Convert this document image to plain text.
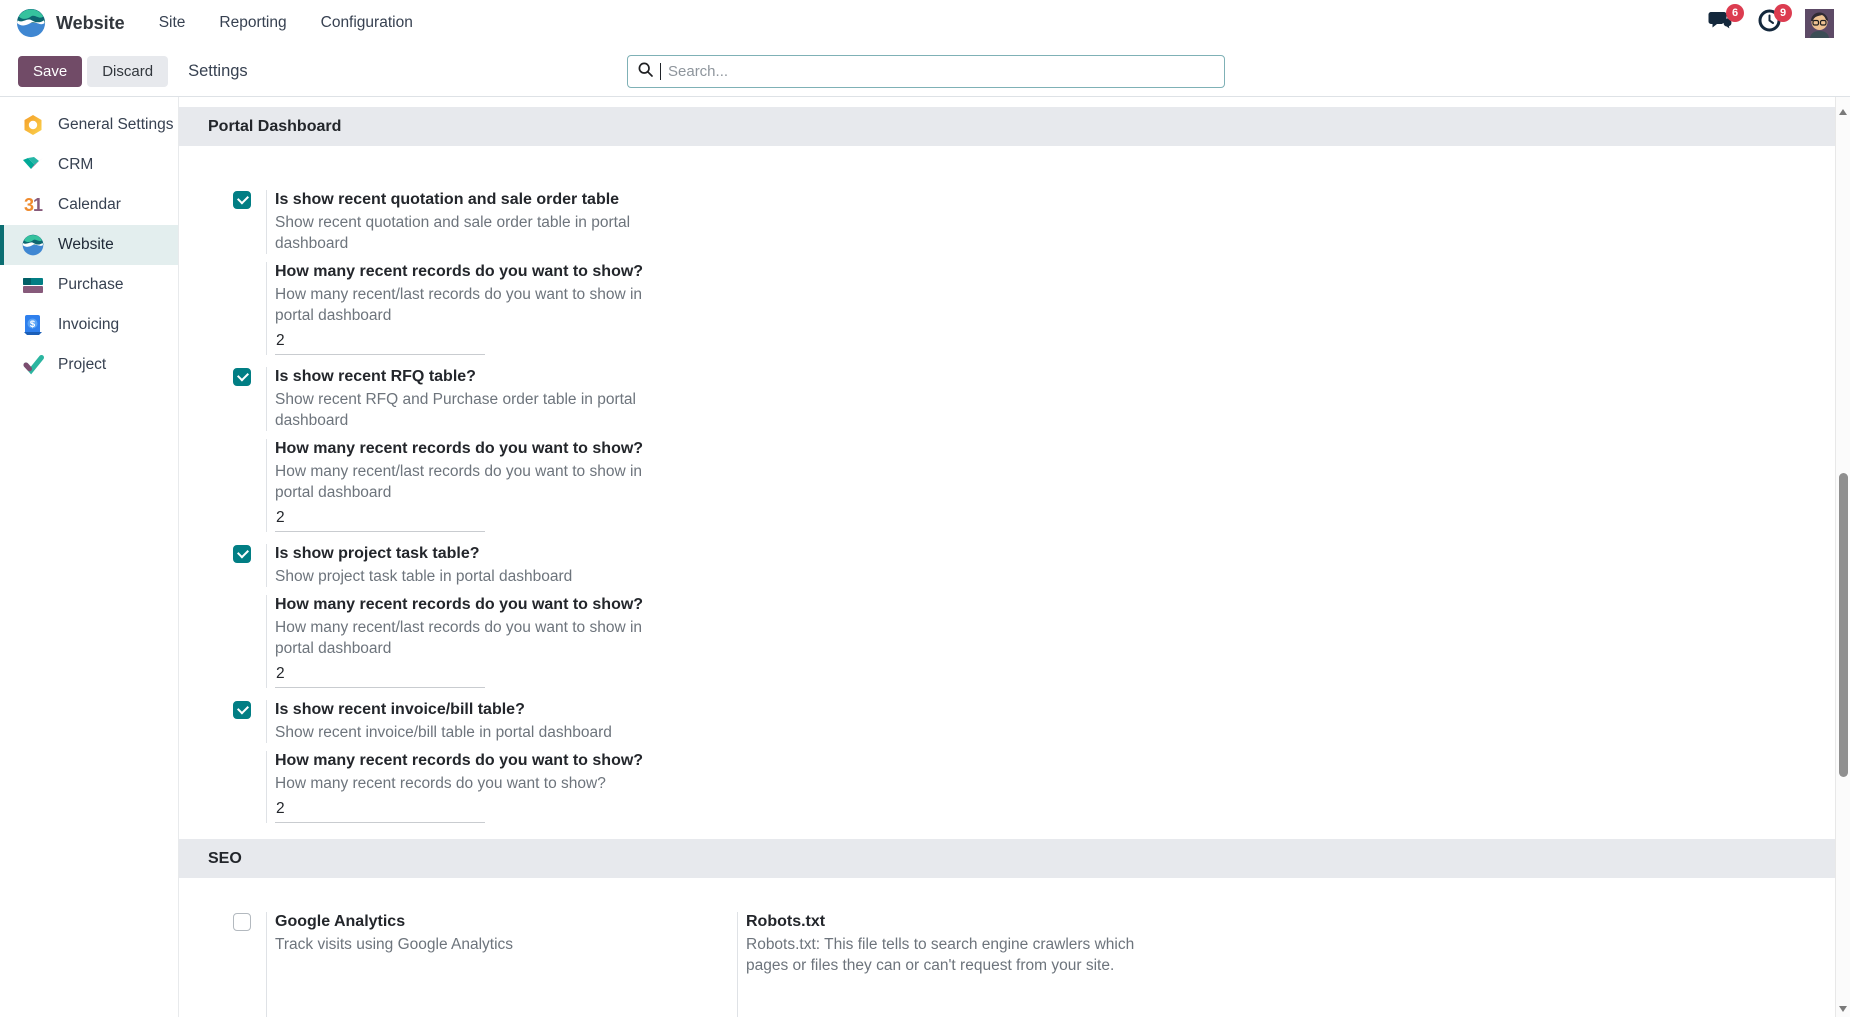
Website Site Reporting Configuration
6	9
Save	Discard	Settings
Search...
General Settings
CRM
31 Calendar
Website
Purchase
$ Invoicing
Project
Portal Dashboard
Is show recent quotation and sale order table
Show recent quotation and sale order table in portal dashboard
How many recent records do you want to show?
How many recent/last records do you want to show in portal dashboard
2
Is show recent RFQ table?
Show recent RFQ and Purchase order table in portal dashboard
How many recent records do you want to show?
How many recent/last records do you want to show in portal dashboard
2
Is show project task table?
Show project task table in portal dashboard
How many recent records do you want to show?
How many recent/last records do you want to show in portal dashboard
2
Is show recent invoice/bill table?
Show recent invoice/bill table in portal dashboard
How many recent records do you want to show?
How many recent records do you want to show?
2
SEO
Google Analytics
Track visits using Google Analytics
Robots.txt
Robots.txt: This file tells to search engine crawlers which pages or files they can or can't request from your site.
